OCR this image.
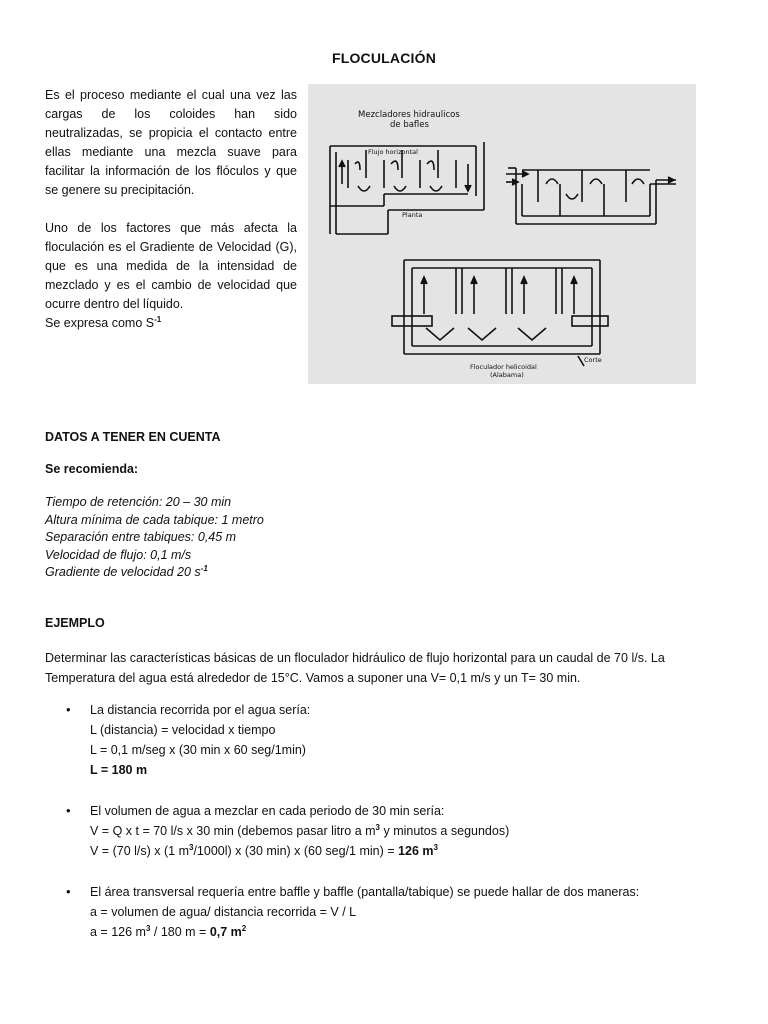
FLOCULACIÓN

Es el proceso mediante el cual una vez las cargas de los coloides han sido neutralizadas, se propicia el contacto entre ellas mediante una mezcla suave para facilitar la información de los flóculos y que se genere su precipitación.

Uno de los factores que más afecta la floculación es el Gradiente de Velocidad (G), que es una medida de la intensidad de mezclado y es el cambio de velocidad que ocurre dentro del líquido.

Se expresa como $S^{-1}$

Mezcladores hidraulicos
de bafles
Flujo horizontal
Planta
Corte
Floculador helicoidal
(Alabama)
DATOS A TENER EN CUENTA
Se recomienda:
Tiempo de retención: 20 – 30 min
Altura mínima de cada tabique: 1 metro
Separación entre tabiques: 0,45 m
Velocidad de flujo: 0,1 m/s
Gradiente de velocidad 20 $s^{-1}$
EJEMPLO
Determinar las características básicas de un floculador hidráulico de flujo horizontal para un caudal de 70 l/s. La
Temperatura del agua está alrededor de 15°C. Vamos a suponer una V= 0,1 m/s y un T= 30 min.
• La distancia recorrida por el agua sería:
L (distancia) = velocidad x tiempo
L = 0,1 m/seg x (30 min x 60 seg/1min)
L = 180 m
• El volumen de agua a mezclar en cada periodo de 30 min sería:
V = Q x t = 70 l/s x 30 min (debemos pasar litro a $m^3$ y minutos a segundos)
V = (70 l/s) x (1 $m^3/1000l$) x (30 min) x (60 seg/1 min) = 126 $m^3$
• El área transversal requería entre baffle y baffle (pantalla/tabique) se puede hallar de dos maneras:
a = volumen de agua/ distancia recorrida = V / L
a = 126 $m^3 / 180$ m = 0,7 $m^2$
